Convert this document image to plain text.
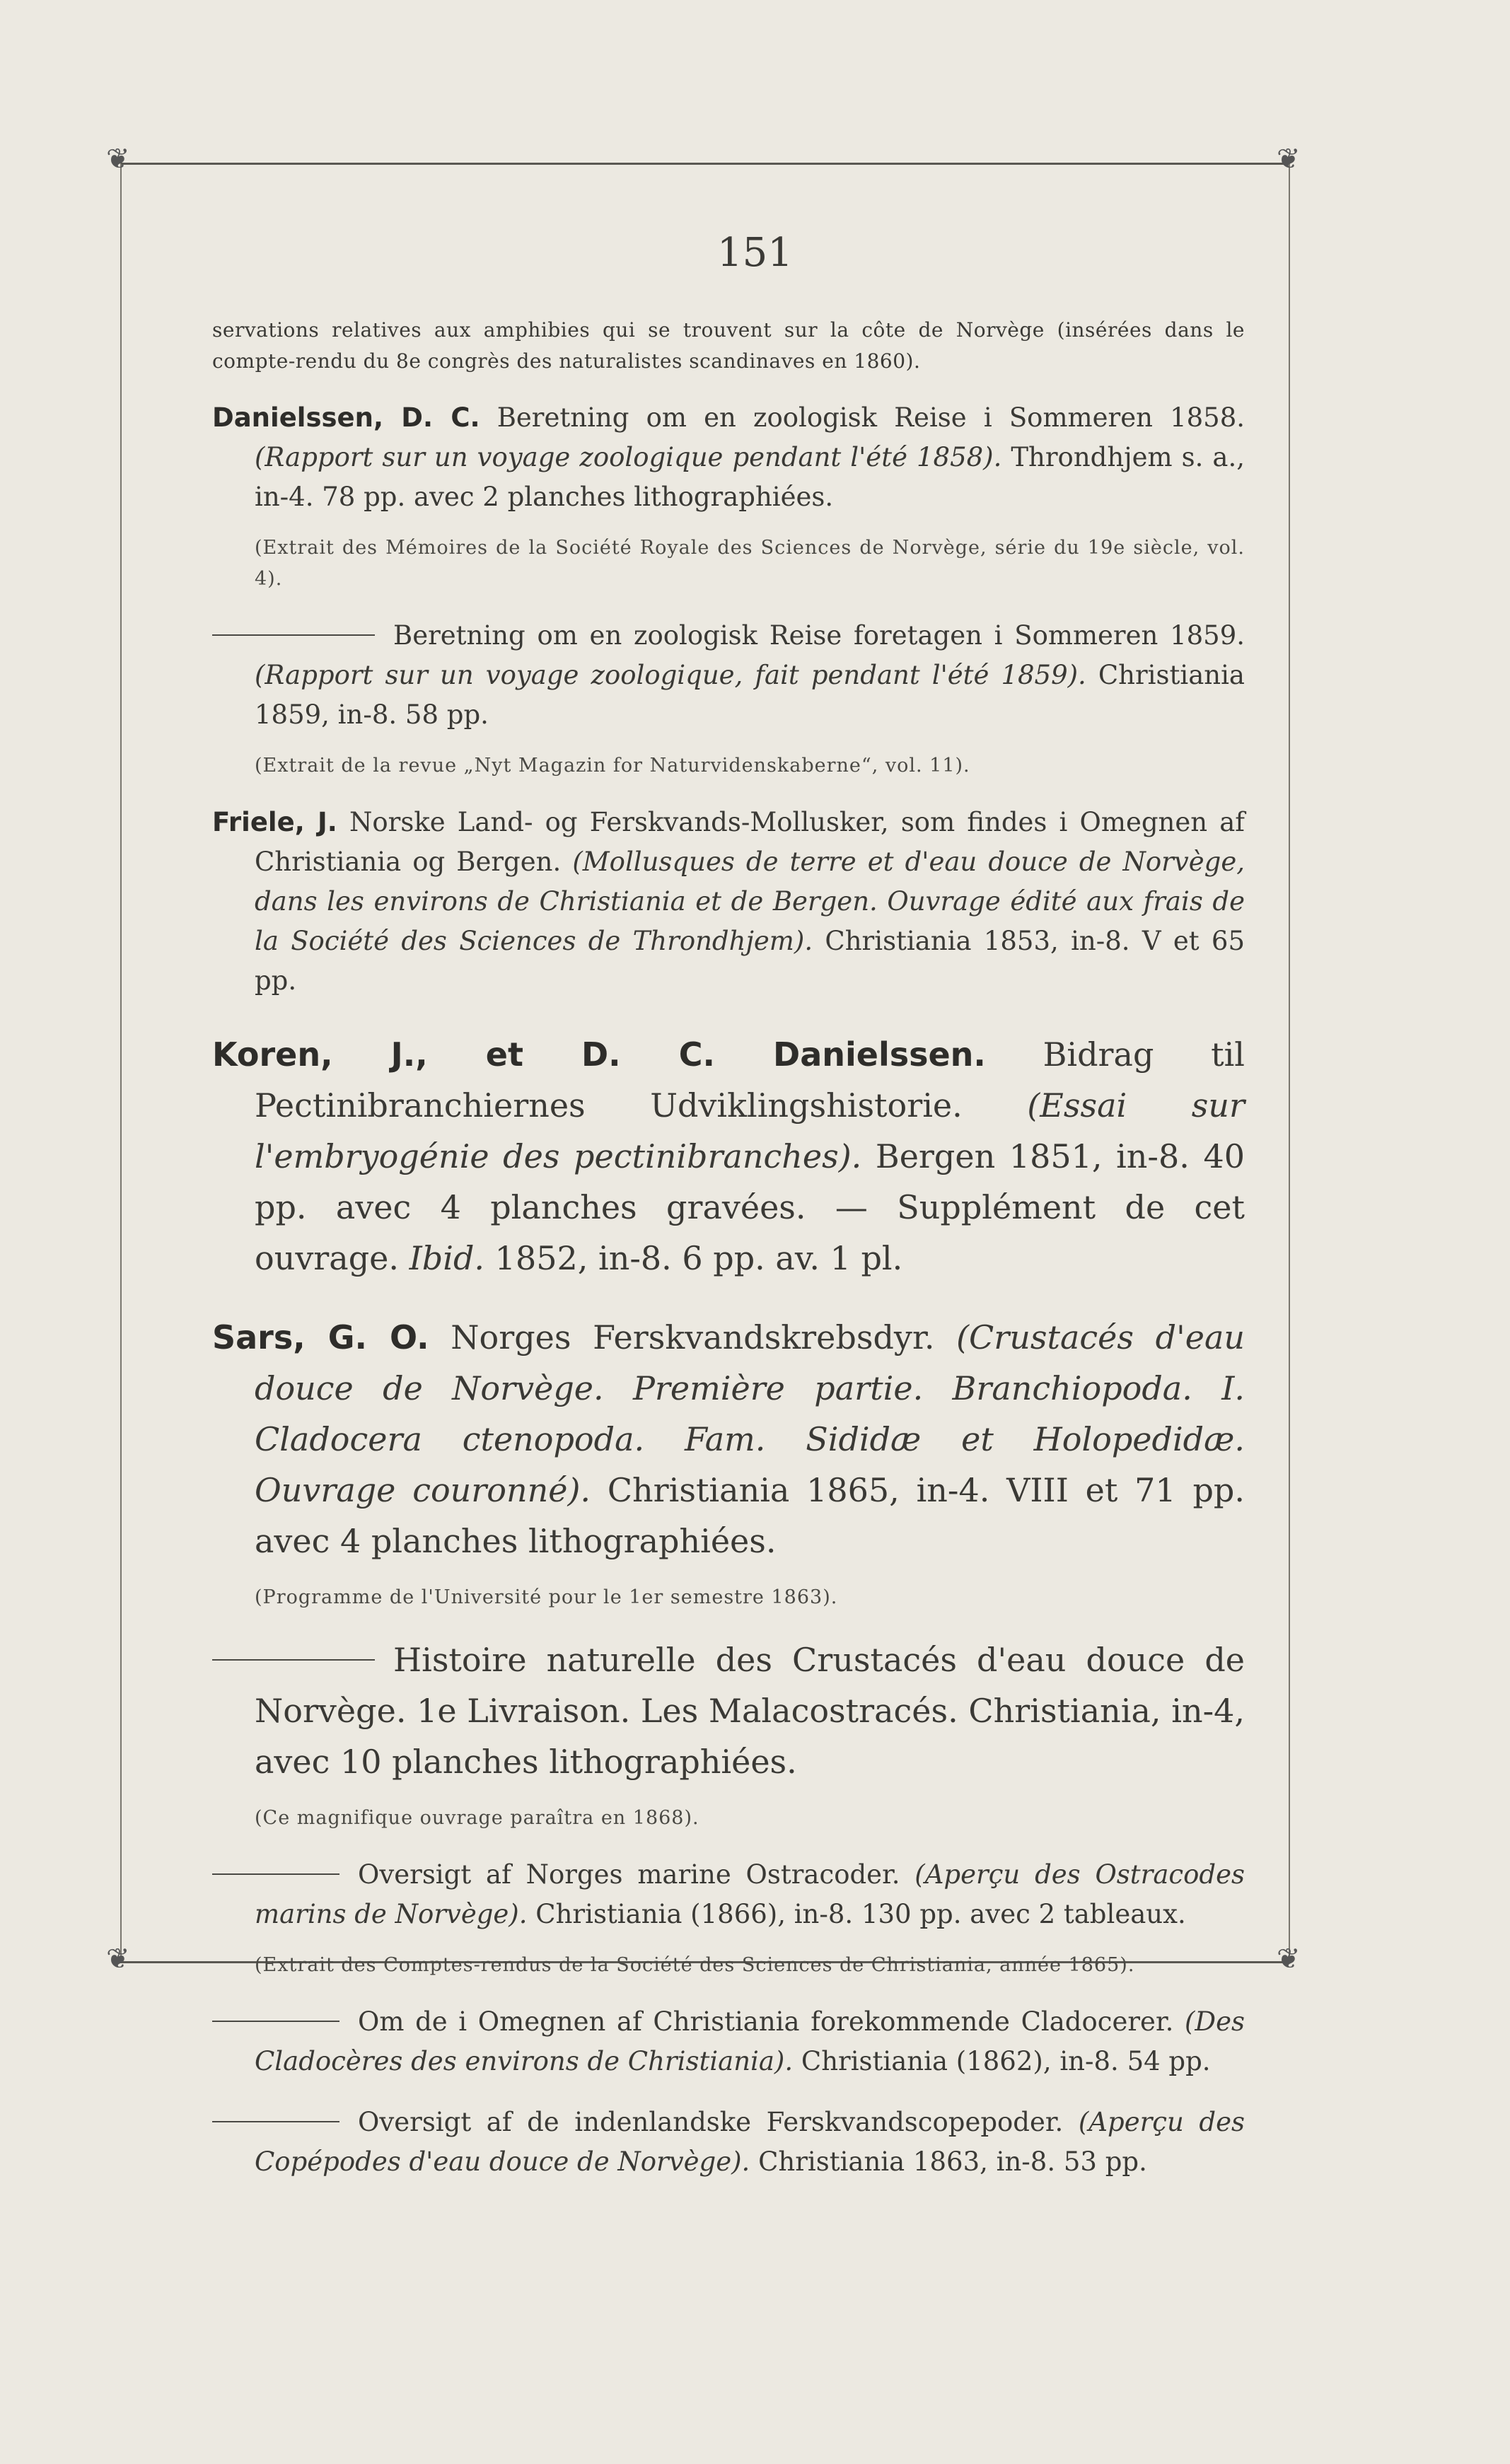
❦	❦
❦	❦
151

servations relatives aux amphibies qui se trouvent sur la côte de Norvège (insérées dans le compte-rendu du 8e congrès des naturalistes scandinaves en 1860).

Danielssen, D. C. Beretning om en zoologisk Reise i Sommeren 1858. (Rapport sur un voyage zoologique pendant l'été 1858). Throndhjem s. a., in-4. 78 pp. avec 2 planches lithographiées.

(Extrait des Mémoires de la Société Royale des Sciences de Norvège, série du 19e siècle, vol. 4).

Beretning om en zoologisk Reise foretagen i Sommeren 1859. (Rapport sur un voyage zoologique, fait pendant l'été 1859). Christiania 1859, in-8. 58 pp.

(Extrait de la revue „Nyt Magazin for Naturvidenskaberne“, vol. 11).

Friele, J. Norske Land- og Ferskvands-Mollusker, som findes i Omegnen af Christiania og Bergen. (Mollusques de terre et d'eau douce de Norvège, dans les environs de Christiania et de Bergen. Ouvrage édité aux frais de la Société des Sciences de Throndhjem). Christiania 1853, in-8. V et 65 pp.

Koren, J., et D. C. Danielssen. Bidrag til Pectinibranchiernes Udviklingshistorie. (Essai sur l'embryogénie des pectinibranches). Bergen 1851, in-8. 40 pp. avec 4 planches gravées. — Supplément de cet ouvrage. Ibid. 1852, in-8. 6 pp. av. 1 pl.

Sars, G. O. Norges Ferskvandskrebsdyr. (Crustacés d'eau douce de Norvège. Première partie. Branchiopoda. I. Cladocera ctenopoda. Fam. Sididæ et Holopedidæ. Ouvrage couronné). Christiania 1865, in-4. VIII et 71 pp. avec 4 planches lithographiées.

(Programme de l'Université pour le 1er semestre 1863).

Histoire naturelle des Crustacés d'eau douce de Norvège. 1e Livraison. Les Malacostracés. Christiania, in-4, avec 10 planches lithographiées.

(Ce magnifique ouvrage paraîtra en 1868).

Oversigt af Norges marine Ostracoder. (Aperçu des Ostracodes marins de Norvège). Christiania (1866), in-8. 130 pp. avec 2 tableaux.

(Extrait des Comptes-rendus de la Société des Sciences de Christiania, année 1865).

Om de i Omegnen af Christiania forekommende Cladocerer. (Des Cladocères des environs de Christiania). Christiania (1862), in-8. 54 pp.

Oversigt af de indenlandske Ferskvandscopepoder. (Aperçu des Copépodes d'eau douce de Norvège). Christiania 1863, in-8. 53 pp.
